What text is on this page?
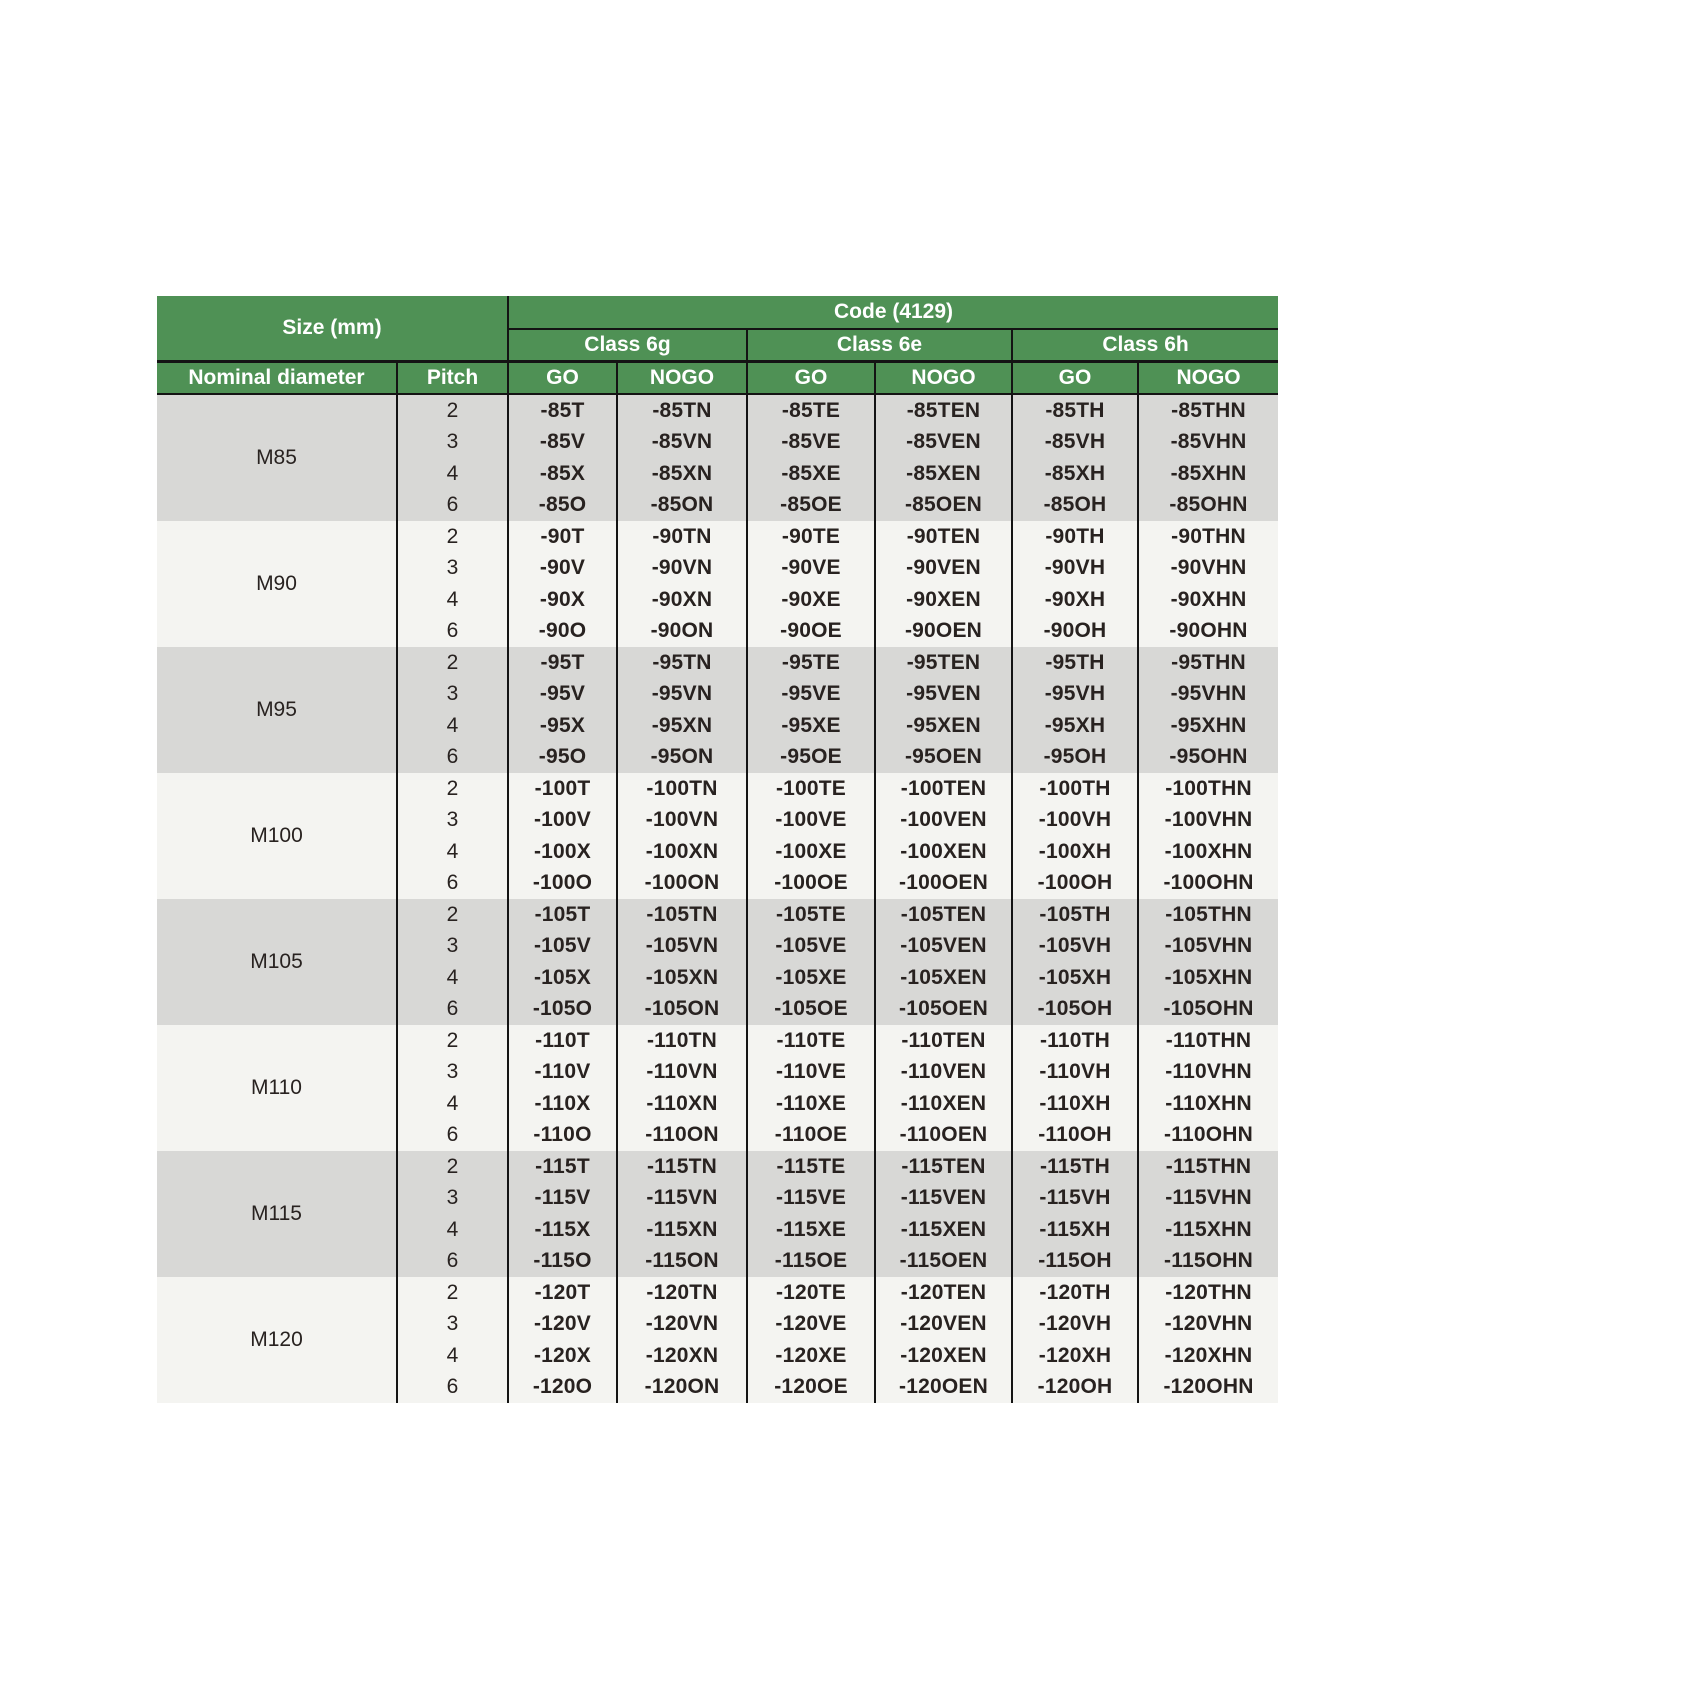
Size (mm)		Code (4129)					
		Class 6g		Class 6e		Class 6h	
Nominal diameter	Pitch	GO	NOGO	GO	NOGO	GO	NOGO
M85	2	-85T	-85TN	-85TE	-85TEN	-85TH	-85THN
	3	-85V	-85VN	-85VE	-85VEN	-85VH	-85VHN
	4	-85X	-85XN	-85XE	-85XEN	-85XH	-85XHN
	6	-85O	-85ON	-85OE	-85OEN	-85OH	-85OHN
M90	2	-90T	-90TN	-90TE	-90TEN	-90TH	-90THN
	3	-90V	-90VN	-90VE	-90VEN	-90VH	-90VHN
	4	-90X	-90XN	-90XE	-90XEN	-90XH	-90XHN
	6	-90O	-90ON	-90OE	-90OEN	-90OH	-90OHN
M95	2	-95T	-95TN	-95TE	-95TEN	-95TH	-95THN
	3	-95V	-95VN	-95VE	-95VEN	-95VH	-95VHN
	4	-95X	-95XN	-95XE	-95XEN	-95XH	-95XHN
	6	-95O	-95ON	-95OE	-95OEN	-95OH	-95OHN
M100	2	-100T	-100TN	-100TE	-100TEN	-100TH	-100THN
	3	-100V	-100VN	-100VE	-100VEN	-100VH	-100VHN
	4	-100X	-100XN	-100XE	-100XEN	-100XH	-100XHN
	6	-100O	-100ON	-100OE	-100OEN	-100OH	-100OHN
M105	2	-105T	-105TN	-105TE	-105TEN	-105TH	-105THN
	3	-105V	-105VN	-105VE	-105VEN	-105VH	-105VHN
	4	-105X	-105XN	-105XE	-105XEN	-105XH	-105XHN
	6	-105O	-105ON	-105OE	-105OEN	-105OH	-105OHN
M110	2	-110T	-110TN	-110TE	-110TEN	-110TH	-110THN
	3	-110V	-110VN	-110VE	-110VEN	-110VH	-110VHN
	4	-110X	-110XN	-110XE	-110XEN	-110XH	-110XHN
	6	-110O	-110ON	-110OE	-110OEN	-110OH	-110OHN
M115	2	-115T	-115TN	-115TE	-115TEN	-115TH	-115THN
	3	-115V	-115VN	-115VE	-115VEN	-115VH	-115VHN
	4	-115X	-115XN	-115XE	-115XEN	-115XH	-115XHN
	6	-115O	-115ON	-115OE	-115OEN	-115OH	-115OHN
M120	2	-120T	-120TN	-120TE	-120TEN	-120TH	-120THN
	3	-120V	-120VN	-120VE	-120VEN	-120VH	-120VHN
	4	-120X	-120XN	-120XE	-120XEN	-120XH	-120XHN
	6	-120O	-120ON	-120OE	-120OEN	-120OH	-120OHN
